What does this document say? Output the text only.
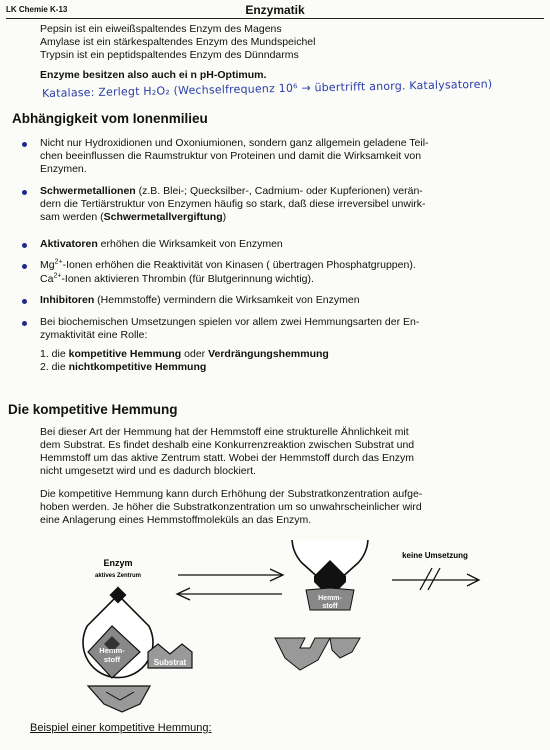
LK Chemie K-13	Enzymatik
Pepsin ist ein eiweißspaltendes Enzym des Magens
Amylase ist ein stärkespaltendes Enzym des Mundspeichel
Trypsin ist ein peptidspaltendes Enzym des Dünndarms
Enzyme besitzen also auch ei n pH-Optimum.
Katalase: Zerlegt H₂O₂ (Wechselfrequenz 10⁶ → übertrifft anorg. Katalysatoren)
Abhängigkeit vom Ionenmilieu
Nicht nur Hydroxidionen und Oxoniumionen, sondern ganz allgemein geladene Teil-
chen beeinflussen die Raumstruktur von Proteinen und damit die Wirksamkeit von
Enzymen.
Schwermetallionen (z.B. Blei-; Quecksilber-, Cadmium- oder Kupferionen) verän-
dern die Tertiärstruktur von Enzymen häufig so stark, daß diese irreversibel unwirk-
sam werden (Schwermetallvergiftung)
Aktivatoren erhöhen die Wirksamkeit von Enzymen
$Mg^{2+}$-Ionen erhöhen die Reaktivität von Kinasen ( übertragen Phosphatgruppen).
$Ca^{2+}$-Ionen aktivieren Thrombin (für Blutgerinnung wichtig).
Inhibitoren (Hemmstoffe) vermindern die Wirksamkeit von Enzymen
Bei biochemischen Umsetzungen spielen vor allem zwei Hemmungsarten der En-
zymaktivität eine Rolle:
1. die kompetitive Hemmung oder Verdrängungshemmung
2. die nichtkompetitive Hemmung
Die kompetitive Hemmung
Bei dieser Art der Hemmung hat der Hemmstoff eine strukturelle Ähnlichkeit mit
dem Substrat. Es findet deshalb eine Konkurrenzreaktion zwischen Substrat und
Hemmstoff um das aktive Zentrum statt. Wobei der Hemmstoff durch das Enzym
nicht umgesetzt wird und es dadurch blockiert.
Die kompetitive Hemmung kann durch Erhöhung der Substratkonzentration aufge-
hoben werden. Je höher die Substratkonzentration um so unwahrscheinlicher wird
eine Anlagerung eines Hemmstoffmoleküls an das Enzym.
Enzym
aktives Zentrum
Hemm-
stoff
keine Umsetzung
Hemm-
stoff	Substrat
Beispiel einer kompetitive Hemmung:
